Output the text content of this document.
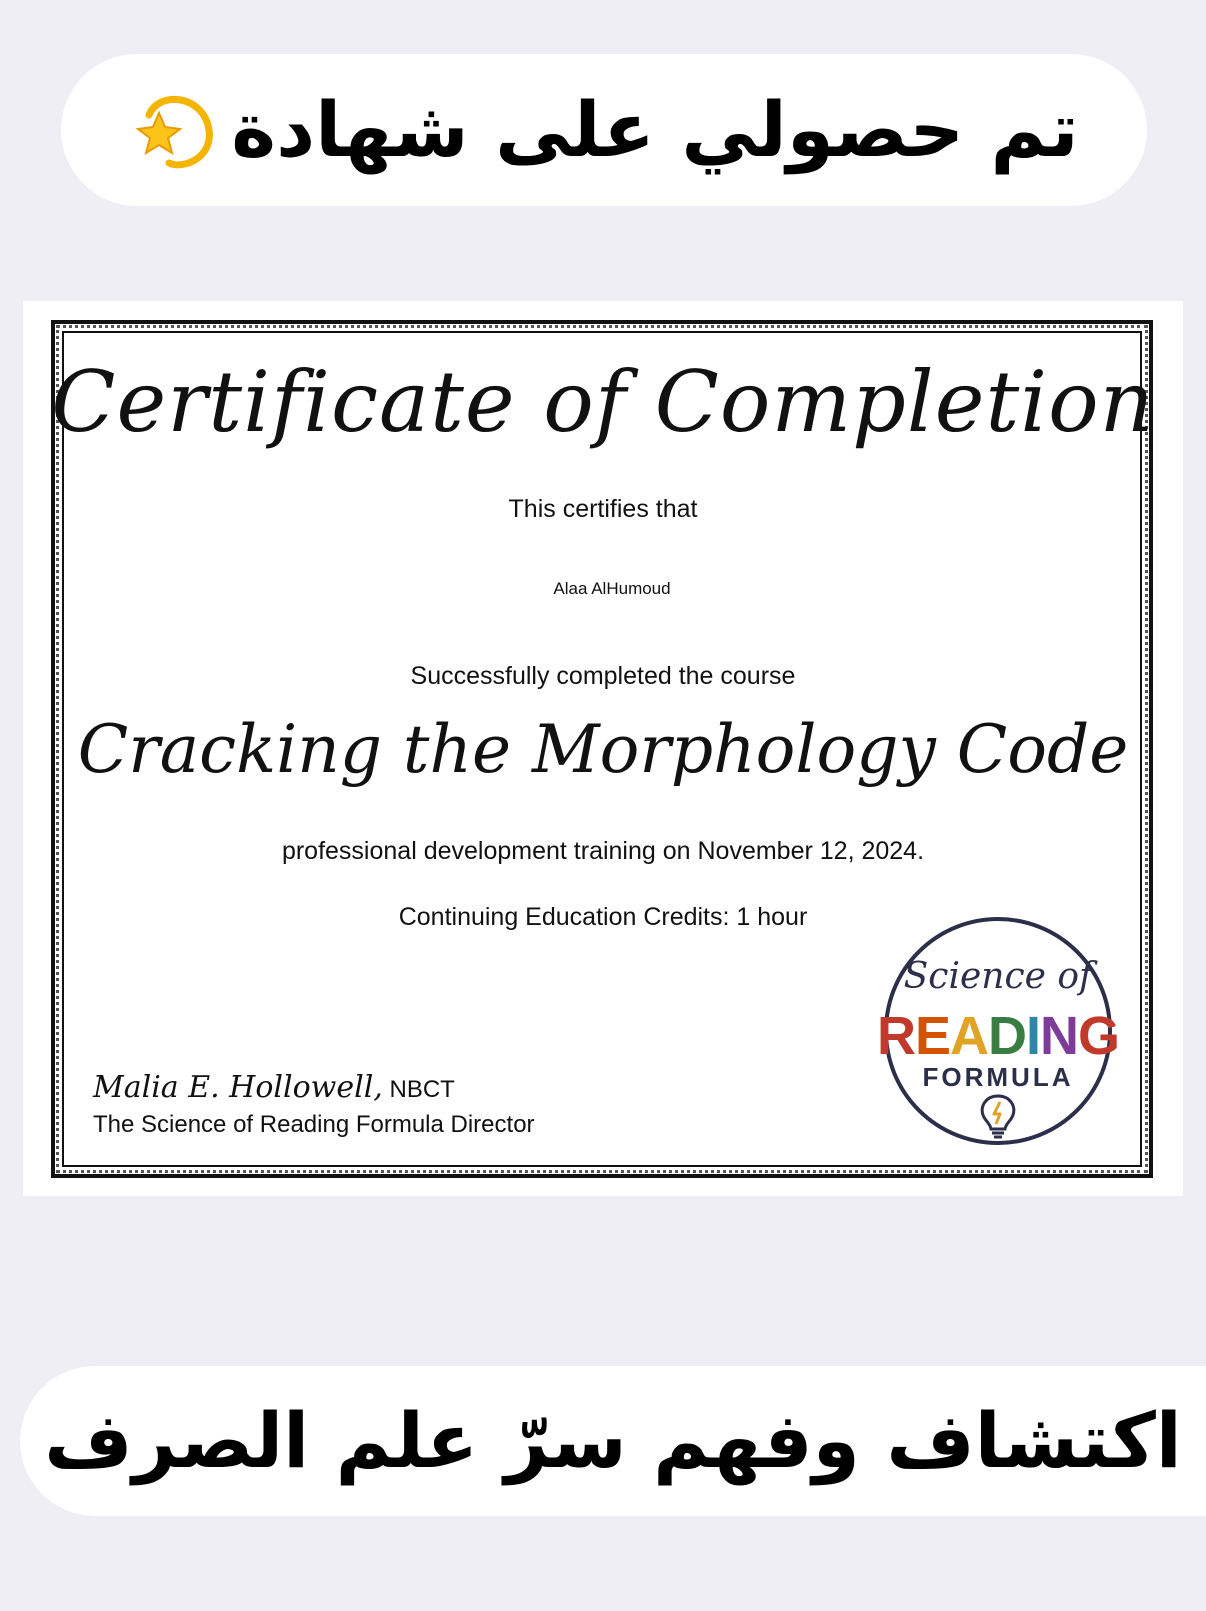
تم حصولي على شهادة
Certificate of Completion
This certifies that
Alaa AlHumoud
Successfully completed the course
Cracking the Morphology Code
professional development training on November 12, 2024.
Continuing Education Credits: 1 hour
Malia E. Hollowell, NBCT
The Science of Reading Formula Director
Science of
READING
FORMULA
اكتشاف وفهم سرّ علم الصرف
